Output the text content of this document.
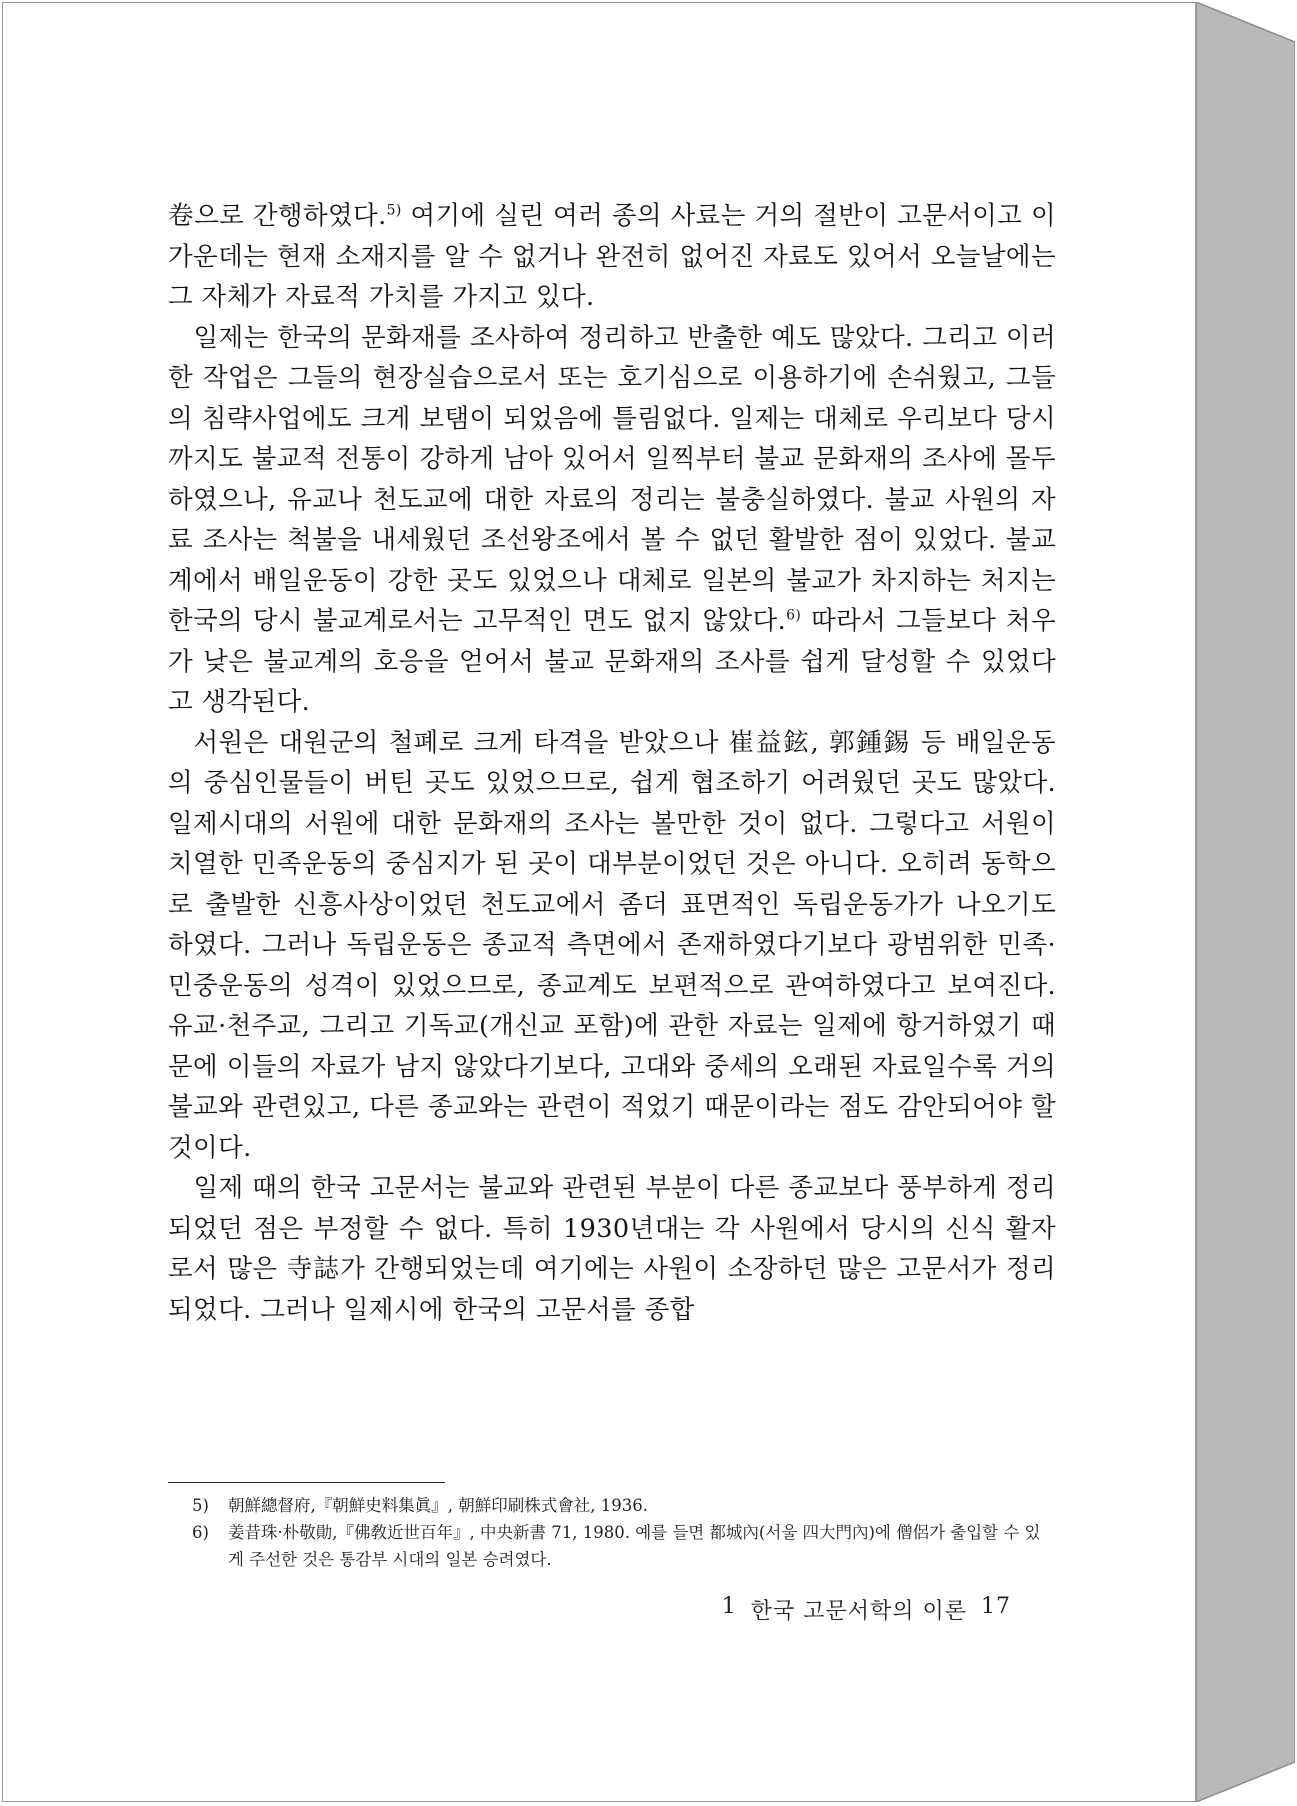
卷으로 간행하였다.$^{5)}$ 여기에 실린 여러 종의 사료는 거의 절반이 고문서이고 이 가운데는 현재 소재지를 알 수 없거나 완전히 없어진 자료도 있어서 오늘날에는 그 자체가 자료적 가치를 가지고 있다.

일제는 한국의 문화재를 조사하여 정리하고 반출한 예도 많았다. 그리고 이러한 작업은 그들의 현장실습으로서 또는 호기심으로 이용하기에 손쉬웠고, 그들의 침략사업에도 크게 보탬이 되었음에 틀림없다. 일제는 대체로 우리보다 당시까지도 불교적 전통이 강하게 남아 있어서 일찍부터 불교 문화재의 조사에 몰두하였으나, 유교나 천도교에 대한 자료의 정리는 불충실하였다. 불교 사원의 자료 조사는 척불을 내세웠던 조선왕조에서 볼 수 없던 활발한 점이 있었다. 불교계에서 배일운동이 강한 곳도 있었으나 대체로 일본의 불교가 차지하는 처지는 한국의 당시 불교계로서는 고무적인 면도 없지 않았다.$^{6)}$ 따라서 그들보다 처우가 낮은 불교계의 호응을 얻어서 불교 문화재의 조사를 쉽게 달성할 수 있었다고 생각된다.

서원은 대원군의 철폐로 크게 타격을 받았으나 崔益鉉, 郭鍾錫 등 배일운동의 중심인물들이 버틴 곳도 있었으므로, 쉽게 협조하기 어려웠던 곳도 많았다. 일제시대의 서원에 대한 문화재의 조사는 볼만한 것이 없다. 그렇다고 서원이 치열한 민족운동의 중심지가 된 곳이 대부분이었던 것은 아니다. 오히려 동학으로 출발한 신흥사상이었던 천도교에서 좀더 표면적인 독립운동가가 나오기도 하였다. 그러나 독립운동은 종교적 측면에서 존재하였다기보다 광범위한 민족·민중운동의 성격이 있었으므로, 종교계도 보편적으로 관여하였다고 보여진다. 유교·천주교, 그리고 기독교(개신교 포함)에 관한 자료는 일제에 항거하였기 때문에 이들의 자료가 남지 않았다기보다, 고대와 중세의 오래된 자료일수록 거의 불교와 관련있고, 다른 종교와는 관련이 적었기 때문이라는 점도 감안되어야 할 것이다.

일제 때의 한국 고문서는 불교와 관련된 부분이 다른 종교보다 풍부하게 정리되었던 점은 부정할 수 없다. 특히 1930년대는 각 사원에서 당시의 신식 활자로서 많은 寺誌가 간행되었는데 여기에는 사원이 소장하던 많은 고문서가 정리되었다. 그러나 일제시에 한국의 고문서를 종합

5) 朝鮮總督府,『朝鮮史料集眞』, 朝鮮印刷株式會社, 1936.

6) 姜昔珠·朴敬勛,『佛敎近世百年』, 中央新書 71, 1980. 예를 들면 都城內(서울 四大門內)에 僧侶가 출입할 수 있게 주선한 것은 통감부 시대의 일본 승려였다.

1 한국 고문서학의 이론 17
